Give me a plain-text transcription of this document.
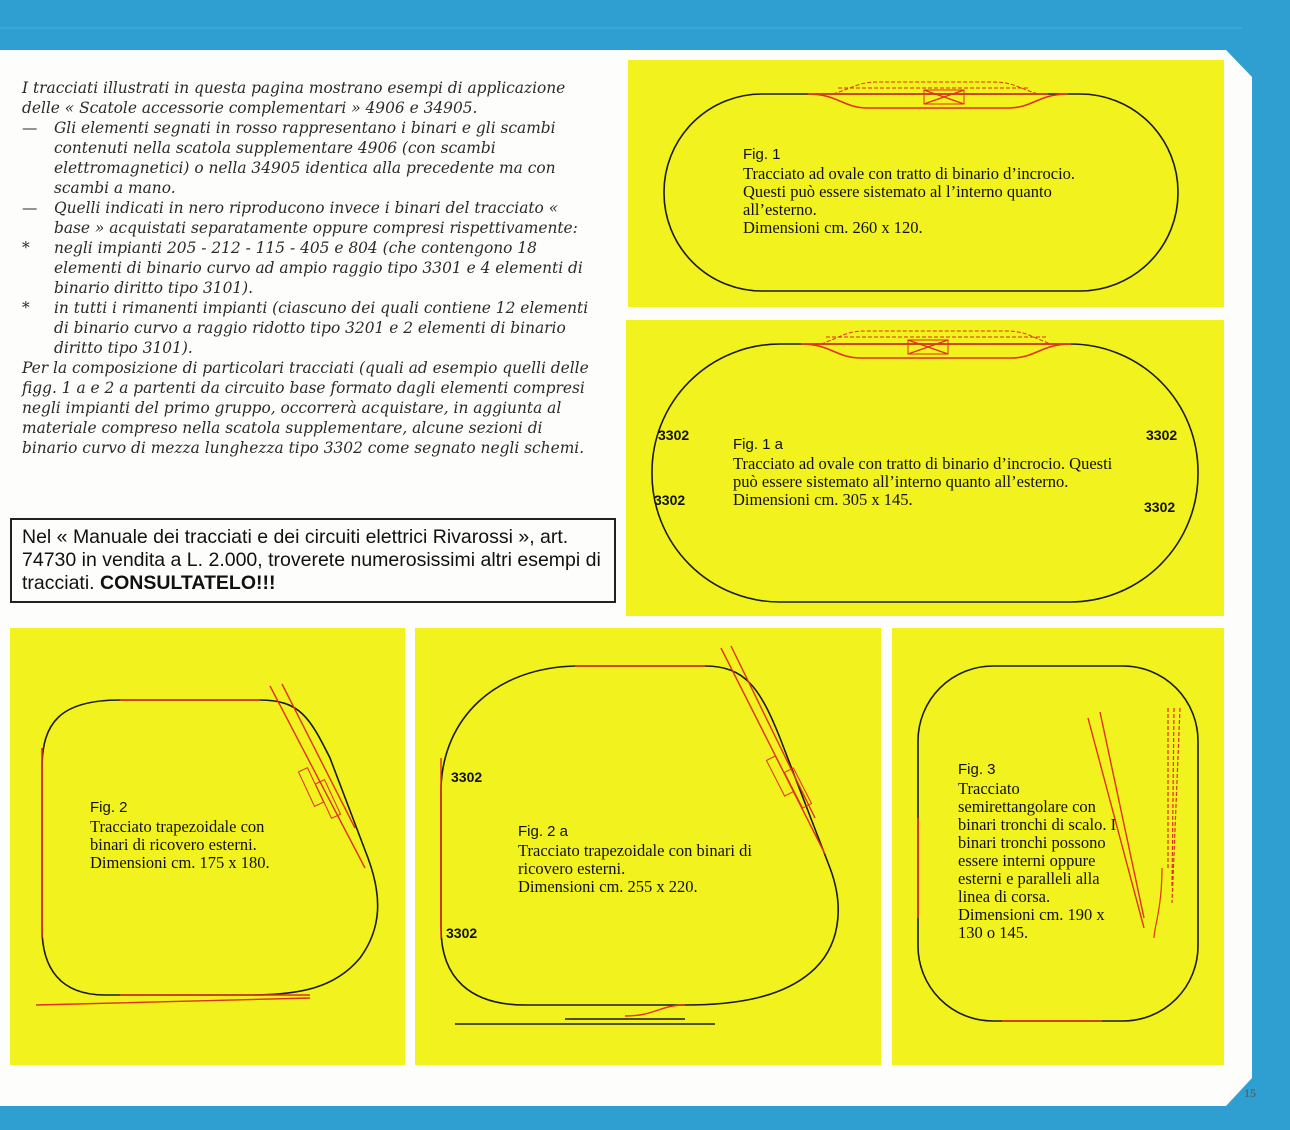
I tracciati illustrati in questa pagina mostrano esempi di applicazione delle « Scatole accessorie complementari » 4906 e 34905.

— Gli elementi segnati in rosso rappresentano i binari e gli scambi contenuti nella scatola supplementare 4906 (con scambi elettromagnetici) o nella 34905 identica alla precedente ma con scambi a mano.

— Quelli indicati in nero riproducono invece i binari del tracciato « base » acquistati separatamente oppure compresi rispettivamente:

* negli impianti 205 - 212 - 115 - 405 e 804 (che contengono 18 elementi di binario curvo ad ampio raggio tipo 3301 e 4 elementi di binario diritto tipo 3101).

* in tutti i rimanenti impianti (ciascuno dei quali contiene 12 elementi di binario curvo a raggio ridotto tipo 3201 e 2 elementi di binario diritto tipo 3101).

Per la composizione di particolari tracciati (quali ad esempio quelli delle figg. 1 a e 2 a partenti da circuito base formato dagli elementi compresi negli impianti del primo gruppo, occorrerà acquistare, in aggiunta al materiale compreso nella scatola supplementare, alcune sezioni di binario curvo di mezza lunghezza tipo 3302 come segnato negli schemi.

Nel « Manuale dei tracciati e dei circuiti elettrici Rivarossi », art. 74730 in vendita a L. 2.000, troverete numerosissimi altri esempi di tracciati. CONSULTATELO!!!
Fig. 1
Tracciato ad ovale con tratto di binario d’incrocio. Questi può essere sistemato al l’interno quanto all’esterno.
Dimensioni cm. 260 x 120.
3302
3302
3302
3302
Fig. 1 a
Tracciato ad ovale con tratto di binario d’incrocio. Questi può essere sistemato all’interno quanto all’esterno.
Dimensioni cm. 305 x 145.
Fig. 2
Tracciato trapezoidale con binari di ricovero esterni.
Dimensioni cm. 175 x 180.
3302
3302
Fig. 2 a
Tracciato trapezoidale con binari di ricovero esterni.
Dimensioni cm. 255 x 220.
Fig. 3
Tracciato semirettangolare con binari tronchi di scalo. I binari tronchi possono essere interni oppure esterni e paralleli alla linea di corsa.
Dimensioni cm. 190 x 130 o 145.
15
